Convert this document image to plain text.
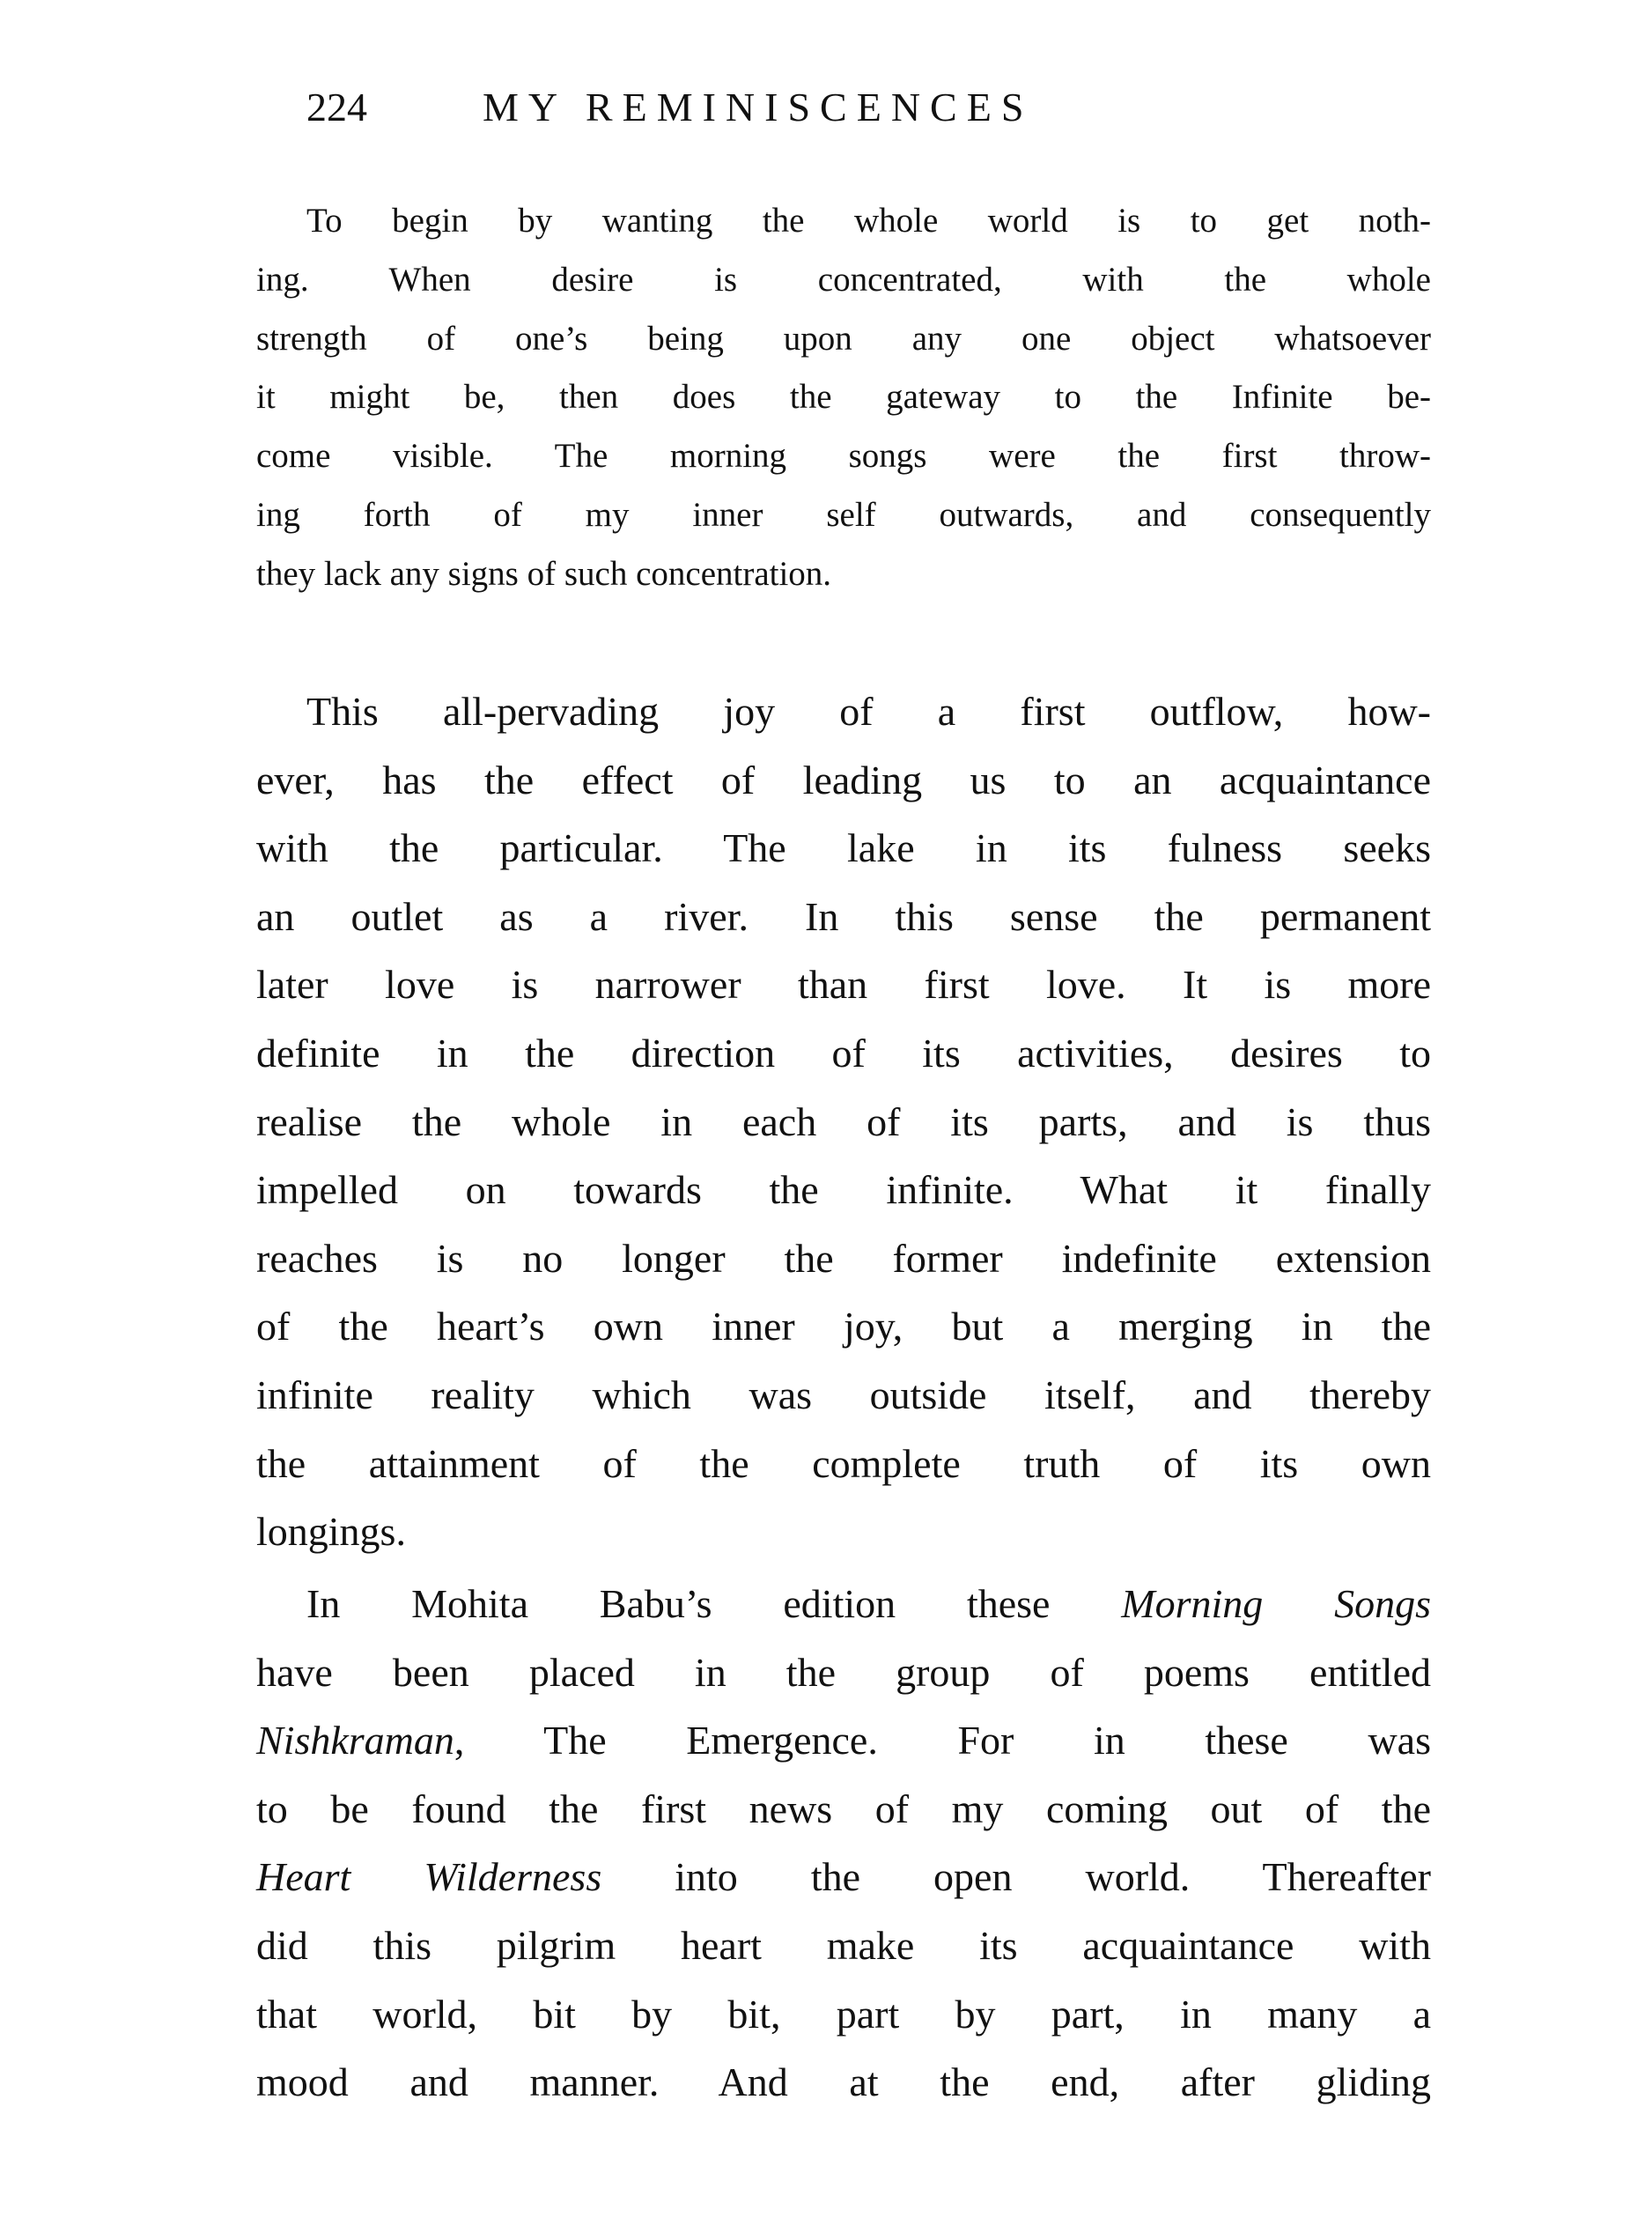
224	MY REMINISCENCES
To begin by wanting the whole world is to get noth-
ing. When desire is concentrated, with the whole
strength of one’s being upon any one object whatsoever
it might be, then does the gateway to the Infinite be-
come visible. The morning songs were the first throw-
ing forth of my inner self outwards, and consequently
they lack any signs of such concentration.
This all-pervading joy of a first outflow, how-
ever, has the effect of leading us to an acquaintance
with the particular. The lake in its fulness seeks
an outlet as a river. In this sense the permanent
later love is narrower than first love. It is more
definite in the direction of its activities, desires to
realise the whole in each of its parts, and is thus
impelled on towards the infinite. What it finally
reaches is no longer the former indefinite extension
of the heart’s own inner joy, but a merging in the
infinite reality which was outside itself, and thereby
the attainment of the complete truth of its own
longings.
In Mohita Babu’s edition these Morning Songs
have been placed in the group of poems entitled
Nishkraman, The Emergence. For in these was
to be found the first news of my coming out of the
Heart Wilderness into the open world. Thereafter
did this pilgrim heart make its acquaintance with
that world, bit by bit, part by part, in many a
mood and manner. And at the end, after gliding
